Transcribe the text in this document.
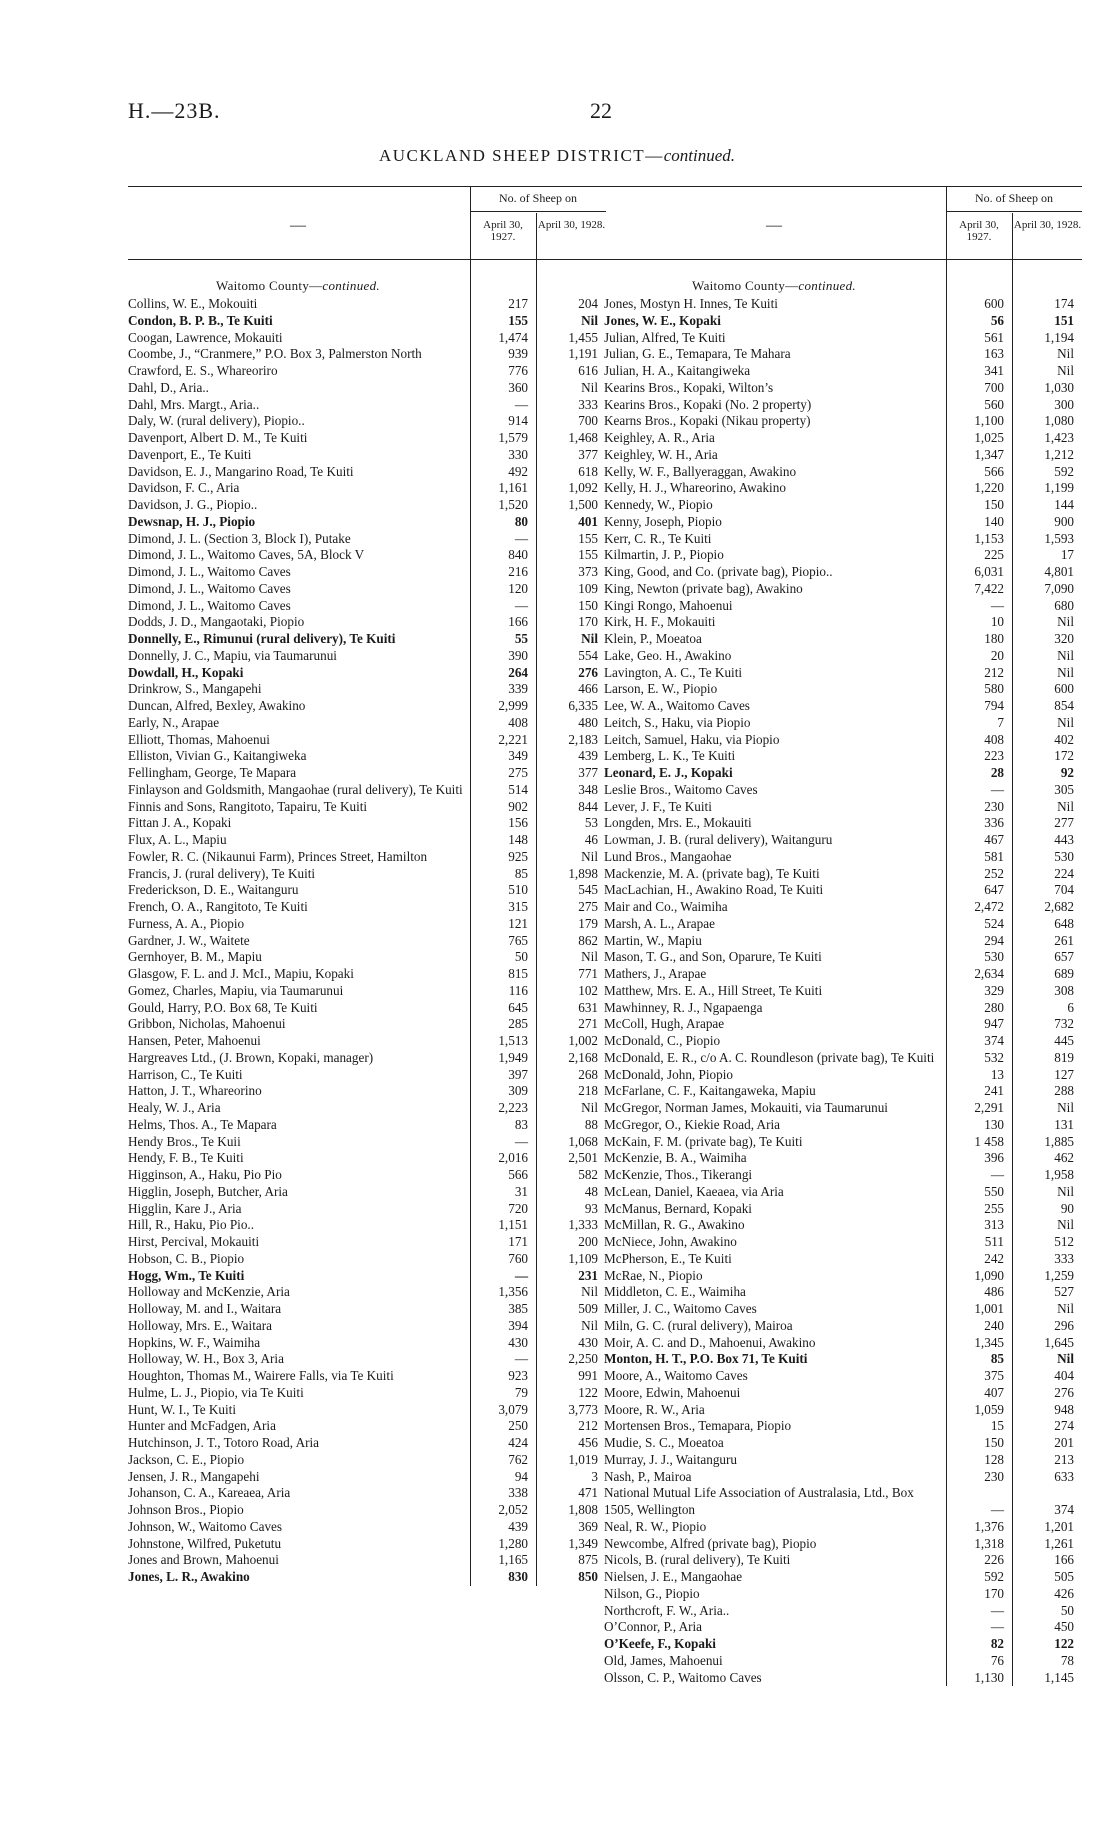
H.—23B.	22
AUCKLAND SHEEP DISTRICT—continued.
—
No. of Sheep on
April 30, 1927.
April 30, 1928.
Waitomo County—continued.
Collins, W. E., Mokouiti	217	204
Condon, B. P. B., Te Kuiti	155	Nil
Coogan, Lawrence, Mokauiti	1,474	1,455
Coombe, J., “Cranmere,” P.O. Box 3, Palmerston North	939	1,191
Crawford, E. S., Whareoriro	776	616
Dahl, D., Aria..	360	Nil
Dahl, Mrs. Margt., Aria..	—	333
Daly, W. (rural delivery), Piopio..	914	700
Davenport, Albert D. M., Te Kuiti	1,579	1,468
Davenport, E., Te Kuiti	330	377
Davidson, E. J., Mangarino Road, Te Kuiti	492	618
Davidson, F. C., Aria	1,161	1,092
Davidson, J. G., Piopio..	1,520	1,500
Dewsnap, H. J., Piopio	80	401
Dimond, J. L. (Section 3, Block I), Putake	—	155
Dimond, J. L., Waitomo Caves, 5A, Block V	840	155
Dimond, J. L., Waitomo Caves	216	373
Dimond, J. L., Waitomo Caves	120	109
Dimond, J. L., Waitomo Caves	—	150
Dodds, J. D., Mangaotaki, Piopio	166	170
Donnelly, E., Rimunui (rural delivery), Te Kuiti	55	Nil
Donnelly, J. C., Mapiu, via Taumarunui	390	554
Dowdall, H., Kopaki	264	276
Drinkrow, S., Mangapehi	339	466
Duncan, Alfred, Bexley, Awakino	2,999	6,335
Early, N., Arapae	408	480
Elliott, Thomas, Mahoenui	2,221	2,183
Elliston, Vivian G., Kaitangiweka	349	439
Fellingham, George, Te Mapara	275	377
Finlayson and Goldsmith, Mangaohae (rural delivery), Te Kuiti	514	348
Finnis and Sons, Rangitoto, Tapairu, Te Kuiti	902	844
Fittan J. A., Kopaki	156	53
Flux, A. L., Mapiu	148	46
Fowler, R. C. (Nikaunui Farm), Princes Street, Hamilton	925	Nil
Francis, J. (rural delivery), Te Kuiti	85	1,898
Frederickson, D. E., Waitanguru	510	545
French, O. A., Rangitoto, Te Kuiti	315	275
Furness, A. A., Piopio	121	179
Gardner, J. W., Waitete	765	862
Gernhoyer, B. M., Mapiu	50	Nil
Glasgow, F. L. and J. McI., Mapiu, Kopaki	815	771
Gomez, Charles, Mapiu, via Taumarunui	116	102
Gould, Harry, P.O. Box 68, Te Kuiti	645	631
Gribbon, Nicholas, Mahoenui	285	271
Hansen, Peter, Mahoenui	1,513	1,002
Hargreaves Ltd., (J. Brown, Kopaki, manager)	1,949	2,168
Harrison, C., Te Kuiti	397	268
Hatton, J. T., Whareorino	309	218
Healy, W. J., Aria	2,223	Nil
Helms, Thos. A., Te Mapara	83	88
Hendy Bros., Te Kuii	—	1,068
Hendy, F. B., Te Kuiti	2,016	2,501
Higginson, A., Haku, Pio Pio	566	582
Higglin, Joseph, Butcher, Aria	31	48
Higglin, Kare J., Aria	720	93
Hill, R., Haku, Pio Pio..	1,151	1,333
Hirst, Percival, Mokauiti	171	200
Hobson, C. B., Piopio	760	1,109
Hogg, Wm., Te Kuiti	—	231
Holloway and McKenzie, Aria	1,356	Nil
Holloway, M. and I., Waitara	385	509
Holloway, Mrs. E., Waitara	394	Nil
Hopkins, W. F., Waimiha	430	430
Holloway, W. H., Box 3, Aria	—	2,250
Houghton, Thomas M., Wairere Falls, via Te Kuiti	923	991
Hulme, L. J., Piopio, via Te Kuiti	79	122
Hunt, W. I., Te Kuiti	3,079	3,773
Hunter and McFadgen, Aria	250	212
Hutchinson, J. T., Totoro Road, Aria	424	456
Jackson, C. E., Piopio	762	1,019
Jensen, J. R., Mangapehi	94	3
Johanson, C. A., Kareaea, Aria	338	471
Johnson Bros., Piopio	2,052	1,808
Johnson, W., Waitomo Caves	439	369
Johnstone, Wilfred, Puketutu	1,280	1,349
Jones and Brown, Mahoenui	1,165	875
Jones, L. R., Awakino	830	850
—
No. of Sheep on
April 30, 1927.
April 30, 1928.
Waitomo County—continued.
Jones, Mostyn H. Innes, Te Kuiti	600	174
Jones, W. E., Kopaki	56	151
Julian, Alfred, Te Kuiti	561	1,194
Julian, G. E., Temapara, Te Mahara	163	Nil
Julian, H. A., Kaitangiweka	341	Nil
Kearins Bros., Kopaki, Wilton’s	700	1,030
Kearins Bros., Kopaki (No. 2 property)	560	300
Kearns Bros., Kopaki (Nikau property)	1,100	1,080
Keighley, A. R., Aria	1,025	1,423
Keighley, W. H., Aria	1,347	1,212
Kelly, W. F., Ballyeraggan, Awakino	566	592
Kelly, H. J., Whareorino, Awakino	1,220	1,199
Kennedy, W., Piopio	150	144
Kenny, Joseph, Piopio	140	900
Kerr, C. R., Te Kuiti	1,153	1,593
Kilmartin, J. P., Piopio	225	17
King, Good, and Co. (private bag), Piopio..	6,031	4,801
King, Newton (private bag), Awakino	7,422	7,090
Kingi Rongo, Mahoenui	—	680
Kirk, H. F., Mokauiti	10	Nil
Klein, P., Moeatoa	180	320
Lake, Geo. H., Awakino	20	Nil
Lavington, A. C., Te Kuiti	212	Nil
Larson, E. W., Piopio	580	600
Lee, W. A., Waitomo Caves	794	854
Leitch, S., Haku, via Piopio	7	Nil
Leitch, Samuel, Haku, via Piopio	408	402
Lemberg, L. K., Te Kuiti	223	172
Leonard, E. J., Kopaki	28	92
Leslie Bros., Waitomo Caves	—	305
Lever, J. F., Te Kuiti	230	Nil
Longden, Mrs. E., Mokauiti	336	277
Lowman, J. B. (rural delivery), Waitanguru	467	443
Lund Bros., Mangaohae	581	530
Mackenzie, M. A. (private bag), Te Kuiti	252	224
MacLachian, H., Awakino Road, Te Kuiti	647	704
Mair and Co., Waimiha	2,472	2,682
Marsh, A. L., Arapae	524	648
Martin, W., Mapiu	294	261
Mason, T. G., and Son, Oparure, Te Kuiti	530	657
Mathers, J., Arapae	2,634	689
Matthew, Mrs. E. A., Hill Street, Te Kuiti	329	308
Mawhinney, R. J., Ngapaenga	280	6
McColl, Hugh, Arapae	947	732
McDonald, C., Piopio	374	445
McDonald, E. R., c/o A. C. Roundleson (private bag), Te Kuiti	532	819
McDonald, John, Piopio	13	127
McFarlane, C. F., Kaitangaweka, Mapiu	241	288
McGregor, Norman James, Mokauiti, via Taumarunui	2,291	Nil
McGregor, O., Kiekie Road, Aria	130	131
McKain, F. M. (private bag), Te Kuiti	1 458	1,885
McKenzie, B. A., Waimiha	396	462
McKenzie, Thos., Tikerangi	—	1,958
McLean, Daniel, Kaeaea, via Aria	550	Nil
McManus, Bernard, Kopaki	255	90
McMillan, R. G., Awakino	313	Nil
McNiece, John, Awakino	511	512
McPherson, E., Te Kuiti	242	333
McRae, N., Piopio	1,090	1,259
Middleton, C. E., Waimiha	486	527
Miller, J. C., Waitomo Caves	1,001	Nil
Miln, G. C. (rural delivery), Mairoa	240	296
Moir, A. C. and D., Mahoenui, Awakino	1,345	1,645
Monton, H. T., P.O. Box 71, Te Kuiti	85	Nil
Moore, A., Waitomo Caves	375	404
Moore, Edwin, Mahoenui	407	276
Moore, R. W., Aria	1,059	948
Mortensen Bros., Temapara, Piopio	15	274
Mudie, S. C., Moeatoa	150	201
Murray, J. J., Waitanguru	128	213
Nash, P., Mairoa	230	633
National Mutual Life Association of Australasia, Ltd., Box 1505, Wellington	—	374
Neal, R. W., Piopio	1,376	1,201
Newcombe, Alfred (private bag), Piopio	1,318	1,261
Nicols, B. (rural delivery), Te Kuiti	226	166
Nielsen, J. E., Mangaohae	592	505
Nilson, G., Piopio	170	426
Northcroft, F. W., Aria..	—	50
O’Connor, P., Aria	—	450
O’Keefe, F., Kopaki	82	122
Old, James, Mahoenui	76	78
Olsson, C. P., Waitomo Caves	1,130	1,145
